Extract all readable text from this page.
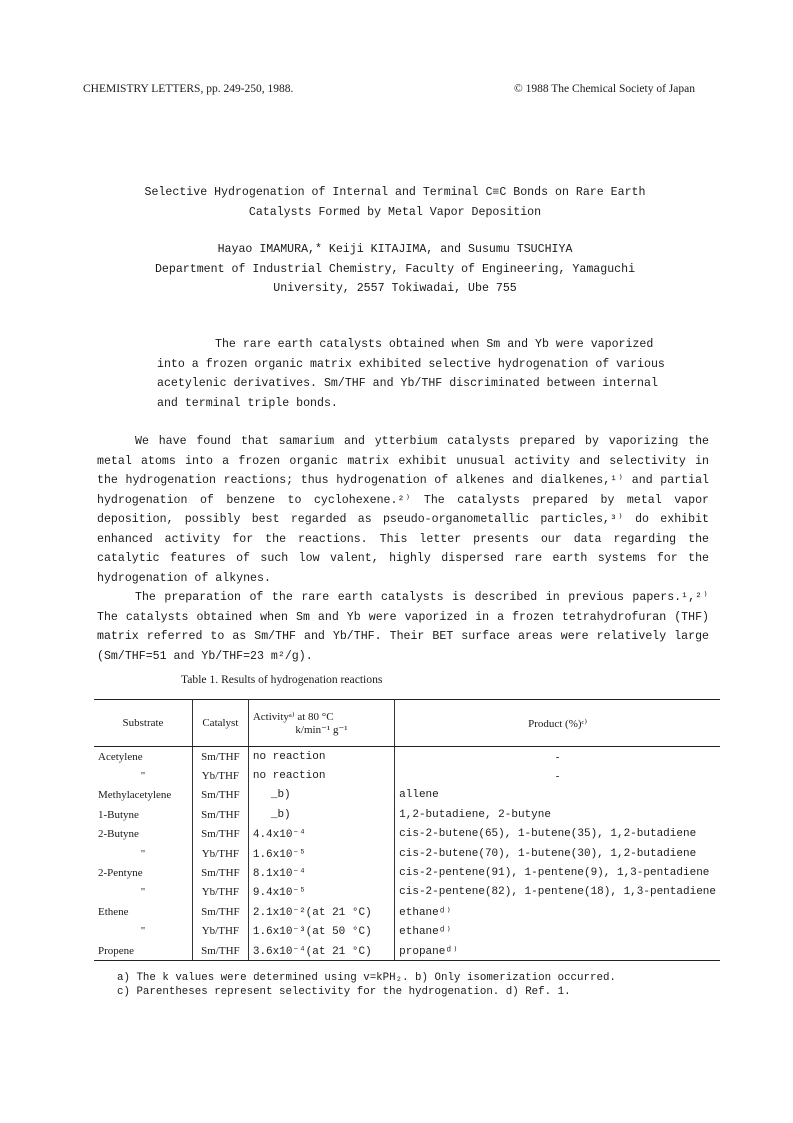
CHEMISTRY LETTERS, pp. 249-250, 1988.	© 1988 The Chemical Society of Japan
Selective Hydrogenation of Internal and Terminal C≡C Bonds on Rare Earth
Catalysts Formed by Metal Vapor Deposition
Hayao IMAMURA,* Keiji KITAJIMA, and Susumu TSUCHIYA
Department of Industrial Chemistry, Faculty of Engineering, Yamaguchi
University, 2557 Tokiwadai, Ube 755

The rare earth catalysts obtained when Sm and Yb were vaporized into a frozen organic matrix exhibited selective hydrogenation of various acetylenic derivatives. Sm/THF and Yb/THF discriminated between internal and terminal triple bonds.

We have found that samarium and ytterbium catalysts prepared by vaporizing the metal atoms into a frozen organic matrix exhibit unusual activity and selectivity in the hydrogenation reactions; thus hydrogenation of alkenes and dialkenes,¹⁾ and partial hydrogenation of benzene to cyclohexene.²⁾ The catalysts prepared by metal vapor deposition, possibly best regarded as pseudo-organometallic particles,³⁾ do exhibit enhanced activity for the reactions. This letter presents our data regarding the catalytic features of such low valent, highly dispersed rare earth systems for the hydrogenation of alkynes.

The preparation of the rare earth catalysts is described in previous papers.¹,²⁾ The catalysts obtained when Sm and Yb were vaporized in a frozen tetrahydrofuran (THF) matrix referred to as Sm/THF and Yb/THF. Their BET surface areas were relatively large (Sm/THF=51 and Yb/THF=23 m²/g).

Table 1. Results of hydrogenation reactions
Substrate	Catalyst	Activityᵃ⁾ at 80 °C
k/min⁻¹ g⁻¹	Product (%)ᶜ⁾
Acetylene	Sm/THF	no reaction	-
"	Yb/THF	no reaction	-
Methylacetylene	Sm/THF	_b)	allene
1-Butyne	Sm/THF	_b)	1,2-butadiene, 2-butyne
2-Butyne	Sm/THF	4.4x10⁻⁴	cis-2-butene(65), 1-butene(35), 1,2-butadiene
"	Yb/THF	1.6x10⁻⁵	cis-2-butene(70), 1-butene(30), 1,2-butadiene
2-Pentyne	Sm/THF	8.1x10⁻⁴	cis-2-pentene(91), 1-pentene(9), 1,3-pentadiene
"	Yb/THF	9.4x10⁻⁵	cis-2-pentene(82), 1-pentene(18), 1,3-pentadiene
Ethene	Sm/THF	2.1x10⁻²(at 21 °C)	ethaneᵈ⁾
"	Yb/THF	1.6x10⁻³(at 50 °C)	ethaneᵈ⁾
Propene	Sm/THF	3.6x10⁻⁴(at 21 °C)	propaneᵈ⁾
a) The k values were determined using v=kPH₂. b) Only isomerization occurred.
c) Parentheses represent selectivity for the hydrogenation. d) Ref. 1.
